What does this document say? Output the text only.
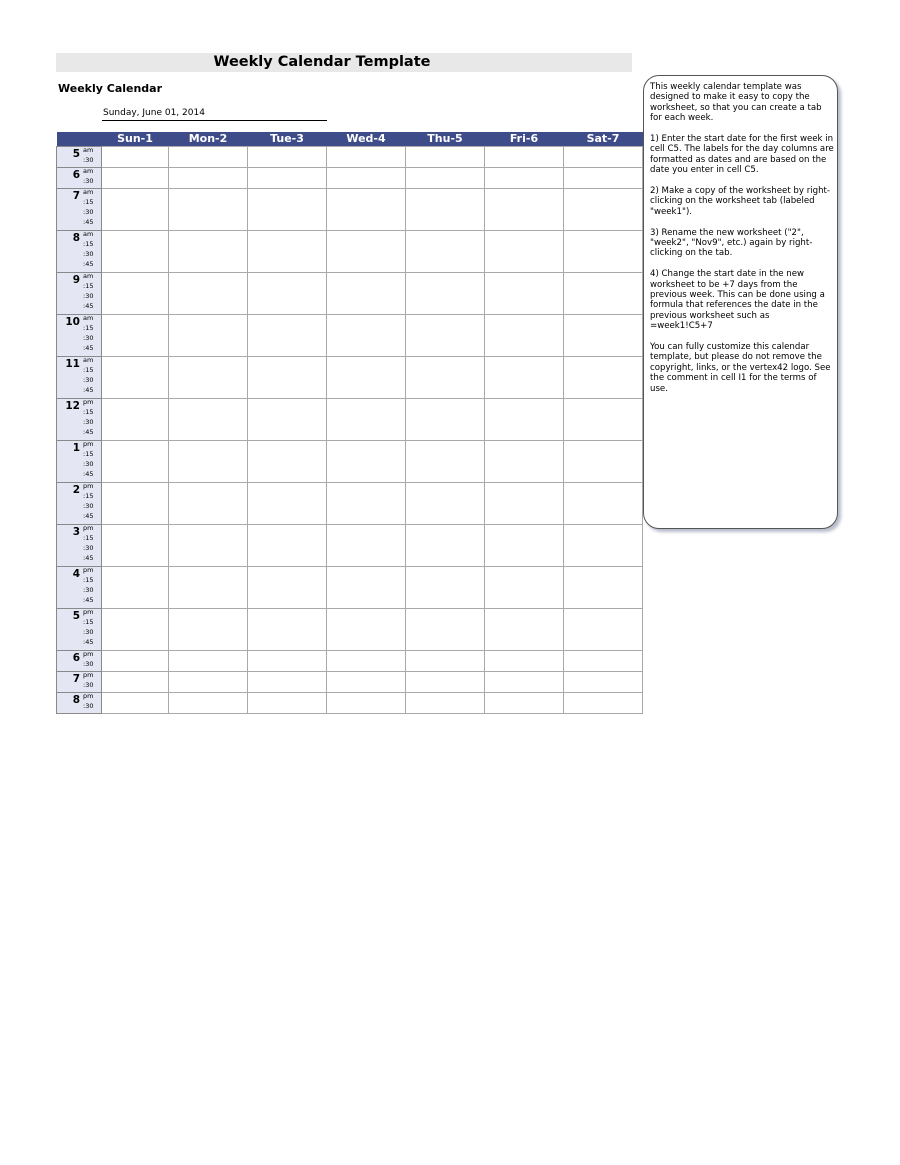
Weekly Calendar Template
Weekly Calendar
Sunday, June 01, 2014
	Sun-1	Mon-2	Tue-3	Wed-4	Thu-5	Fri-6	Sat-7

5 am
:30							

6 am
:30							

7 am
:15
:30
:45							

8 am
:15
:30
:45							

9 am
:15
:30
:45							

10 am
:15
:30
:45							

11 am
:15
:30
:45							

12 pm
:15
:30
:45							

1 pm
:15
:30
:45							

2 pm
:15
:30
:45							

3 pm
:15
:30
:45							

4 pm
:15
:30
:45							

5 pm
:15
:30
:45							

6 pm
:30							

7 pm
:30							

8 pm
:30							

This weekly calendar template was designed to make it easy to copy the worksheet, so that you can create a tab for each week.

1) Enter the start date for the first week in cell C5. The labels for the day columns are formatted as dates and are based on the date you enter in cell C5.

2) Make a copy of the worksheet by right-clicking on the worksheet tab (labeled "week1").

3) Rename the new worksheet ("2", "week2", "Nov9", etc.) again by right-clicking on the tab.

4) Change the start date in the new worksheet to be +7 days from the previous week. This can be done using a formula that references the date in the previous worksheet such as =week1!C5+7

You can fully customize this calendar template, but please do not remove the copyright, links, or the vertex42 logo. See the comment in cell I1 for the terms of use.
